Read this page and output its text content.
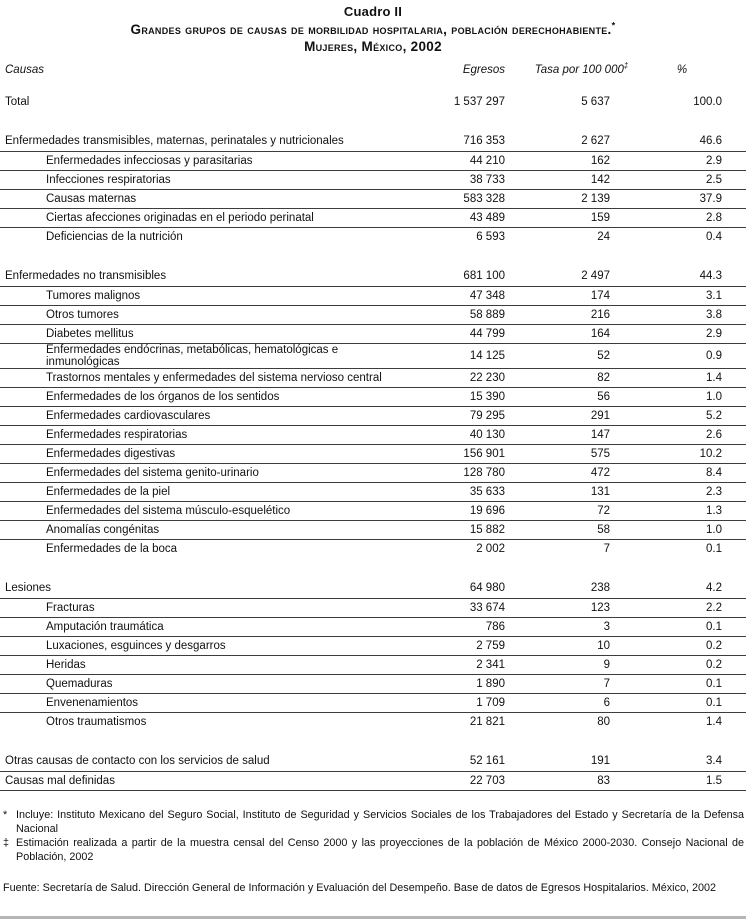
Cuadro II
Grandes grupos de causas de morbilidad hospitalaria, población derechohabiente.*
Mujeres, México, 2002
Causas	Egresos	Tasa por 100 000‡	%
Total	1 537 297	5 637	100.0
Enfermedades transmisibles, maternas, perinatales y nutricionales	716 353	2 627	46.6
Enfermedades infecciosas y parasitarias	44 210	162	2.9
Infecciones respiratorias	38 733	142	2.5
Causas maternas	583 328	2 139	37.9
Ciertas afecciones originadas en el periodo perinatal	43 489	159	2.8
Deficiencias de la nutrición	6 593	24	0.4
Enfermedades no transmisibles	681 100	2 497	44.3
Tumores malignos	47 348	174	3.1
Otros tumores	58 889	216	3.8
Diabetes mellitus	44 799	164	2.9
Enfermedades endócrinas, metabólicas, hematológicas e inmunológicas	14 125	52	0.9
Trastornos mentales y enfermedades del sistema nervioso central	22 230	82	1.4
Enfermedades de los órganos de los sentidos	15 390	56	1.0
Enfermedades cardiovasculares	79 295	291	5.2
Enfermedades respiratorias	40 130	147	2.6
Enfermedades digestivas	156 901	575	10.2
Enfermedades del sistema genito-urinario	128 780	472	8.4
Enfermedades de la piel	35 633	131	2.3
Enfermedades del sistema músculo-esquelético	19 696	72	1.3
Anomalías congénitas	15 882	58	1.0
Enfermedades de la boca	2 002	7	0.1
Lesiones	64 980	238	4.2
Fracturas	33 674	123	2.2
Amputación traumática	786	3	0.1
Luxaciones, esguinces y desgarros	2 759	10	0.2
Heridas	2 341	9	0.2
Quemaduras	1 890	7	0.1
Envenenamientos	1 709	6	0.1
Otros traumatismos	21 821	80	1.4
Otras causas de contacto con los servicios de salud	52 161	191	3.4
Causas mal definidas	22 703	83	1.5
* Incluye: Instituto Mexicano del Seguro Social, Instituto de Seguridad y Servicios Sociales de los Trabajadores del Estado y Secretaría de la Defensa Nacional
‡ Estimación realizada a partir de la muestra censal del Censo 2000 y las proyecciones de la población de México 2000-2030. Consejo Nacional de Población, 2002
Fuente: Secretaría de Salud. Dirección General de Información y Evaluación del Desempeño. Base de datos de Egresos Hospitalarios. México, 2002
